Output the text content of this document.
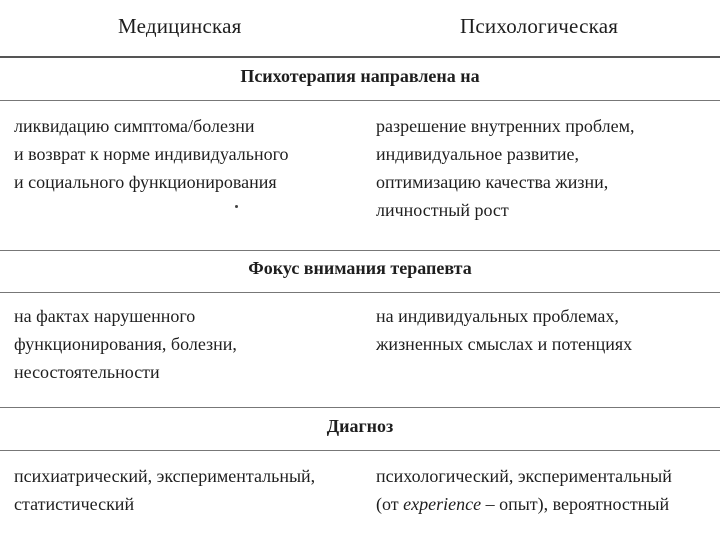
Медицинская	Психологическая
Психотерапия направлена на
ликвидацию симптома/болезни
и возврат к норме индивидуального
и социального функционирования
разрешение внутренних проблем,
индивидуальное развитие,
оптимизацию качества жизни,
личностный рост
Фокус внимания терапевта
на фактах нарушенного
функционирования, болезни,
несостоятельности
на индивидуальных проблемах,
жизненных смыслах и потенциях
Диагноз
психиатрический, экспериментальный,
статистический
психологический, экспериментальный
(от experience – опыт), вероятностный
